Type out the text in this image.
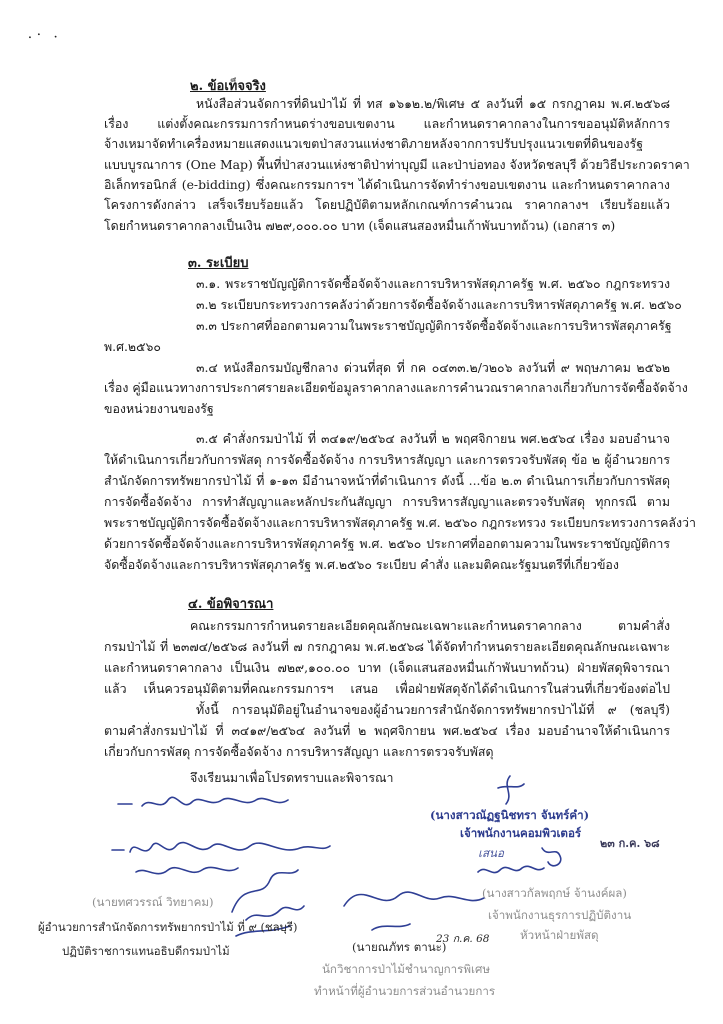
.· ·
๒. ข้อเท็จจริง
หนังสือส่วนจัดการที่ดินป่าไม้ ที่ ทส ๑๖๑๒.๒/พิเศษ ๕ ลงวันที่ ๑๕ กรกฎาคม พ.ศ.๒๕๖๘
เรื่อง แต่งตั้งคณะกรรมการกำหนดร่างขอบเขตงาน และกำหนดราคากลางในการขออนุมัติหลักการ
จ้างเหมาจัดทำเครื่องหมายแสดงแนวเขตป่าสงวนแห่งชาติภายหลังจากการปรับปรุงแนวเขตที่ดินของรัฐ
แบบบูรณาการ (One Map) พื้นที่ป่าสงวนแห่งชาติป่าท่าบุญมี และป่าบ่อทอง จังหวัดชลบุรี ด้วยวิธีประกวดราคา
อิเล็กทรอนิกส์ (e-bidding) ซึ่งคณะกรรมการฯ ได้ดำเนินการจัดทำร่างขอบเขตงาน และกำหนดราคากลาง
โครงการดังกล่าว เสร็จเรียบร้อยแล้ว โดยปฏิบัติตามหลักเกณฑ์การคำนวณ ราคากลางฯ เรียบร้อยแล้ว
โดยกำหนดราคากลางเป็นเงิน ๗๒๙,๐๐๐.๐๐ บาท (เจ็ดแสนสองหมื่นเก้าพันบาทถ้วน) (เอกสาร ๓)
๓. ระเบียบ
๓.๑. พระราชบัญญัติการจัดซื้อจัดจ้างและการบริหารพัสดุภาครัฐ พ.ศ. ๒๕๖๐ กฎกระทรวง
๓.๒ ระเบียบกระทรวงการคลังว่าด้วยการจัดซื้อจัดจ้างและการบริหารพัสดุภาครัฐ พ.ศ. ๒๕๖๐
๓.๓ ประกาศที่ออกตามความในพระราชบัญญัติการจัดซื้อจัดจ้างและการบริหารพัสดุภาครัฐ
พ.ศ.๒๕๖๐
๓.๔ หนังสือกรมบัญชีกลาง ด่วนที่สุด ที่ กค ๐๔๓๓.๒/ว๒๐๖ ลงวันที่ ๙ พฤษภาคม ๒๕๖๒
เรื่อง คู่มือแนวทางการประกาศรายละเอียดข้อมูลราคากลางและการคำนวณราคากลางเกี่ยวกับการจัดซื้อจัดจ้าง
ของหน่วยงานของรัฐ
๓.๕ คำสั่งกรมป่าไม้ ที่ ๓๔๑๙/๒๕๖๔ ลงวันที่ ๒ พฤศจิกายน พศ.๒๕๖๔ เรื่อง มอบอำนาจ
ให้ดำเนินการเกี่ยวกับการพัสดุ การจัดซื้อจัดจ้าง การบริหารสัญญา และการตรวจรับพัสดุ ข้อ ๒ ผู้อำนวยการ
สำนักจัดการทรัพยากรป่าไม้ ที่ ๑-๑๓ มีอำนาจหน้าที่ดำเนินการ ดังนี้ ...ข้อ ๒.๓ ดำเนินการเกี่ยวกับการพัสดุ
การจัดซื้อจัดจ้าง การทำสัญญาและหลักประกันสัญญา การบริหารสัญญาและตรวจรับพัสดุ ทุกกรณี ตาม
พระราชบัญญัติการจัดซื้อจัดจ้างและการบริหารพัสดุภาครัฐ พ.ศ. ๒๕๖๐ กฎกระทรวง ระเบียบกระทรวงการคลังว่า
ด้วยการจัดซื้อจัดจ้างและการบริหารพัสดุภาครัฐ พ.ศ. ๒๕๖๐ ประกาศที่ออกตามความในพระราชบัญญัติการ
จัดซื้อจัดจ้างและการบริหารพัสดุภาครัฐ พ.ศ.๒๕๖๐ ระเบียบ คำสั่ง และมติคณะรัฐมนตรีที่เกี่ยวข้อง
๔. ข้อพิจารณา
คณะกรรมการกำหนดรายละเอียดคุณลักษณะเฉพาะและกำหนดราคากลาง ตามคำสั่ง
กรมป่าไม้ ที่ ๒๓๗๔/๒๕๖๘ ลงวันที่ ๗ กรกฎาคม พ.ศ.๒๕๖๘ ได้จัดทำกำหนดรายละเอียดคุณลักษณะเฉพาะ
และกำหนดราคากลาง เป็นเงิน ๗๒๙,๑๐๐.๐๐ บาท (เจ็ดแสนสองหมื่นเก้าพันบาทถ้วน) ฝ่ายพัสดุพิจารณา
แล้ว เห็นควรอนุมัติตามที่คณะกรรมการฯ เสนอ เพื่อฝ่ายพัสดุจักได้ดำเนินการในส่วนที่เกี่ยวข้องต่อไป
ทั้งนี้ การอนุมัติอยู่ในอำนาจของผู้อำนวยการสำนักจัดการทรัพยากรป่าไม้ที่ ๙ (ชลบุรี)
ตามคำสั่งกรมป่าไม้ ที่ ๓๔๑๙/๒๕๖๔ ลงวันที่ ๒ พฤศจิกายน พศ.๒๕๖๔ เรื่อง มอบอำนาจให้ดำเนินการ
เกี่ยวกับการพัสดุ การจัดซื้อจัดจ้าง การบริหารสัญญา และการตรวจรับพัสดุ
จึงเรียนมาเพื่อโปรดทราบและพิจารณา
(นายทศวรรณ์ วิทยาคม)
ผู้อำนวยการสำนักจัดการทรัพยากรป่าไม้ ที่ ๙ (ชลบุรี)
ปฏิบัติราชการแทนอธิบดีกรมป่าไม้
(นางสาวณัฏฐนิชทรา จันทร์คำ)
เจ้าพนักงานคอมพิวเตอร์
เสนอ
๒๓ ก.ค. ๖๘
(นางสาวกัลพฤกษ์ จ้านงค์ผล)
เจ้าพนักงานธุรการปฏิบัติงาน
หัวหน้าฝ่ายพัสดุ
(นายณภัทร ตานะ)
23 ก.ค. 68
นักวิชาการป่าไม้ชำนาญการพิเศษ
ทำหน้าที่ผู้อำนวยการส่วนอำนวยการ
